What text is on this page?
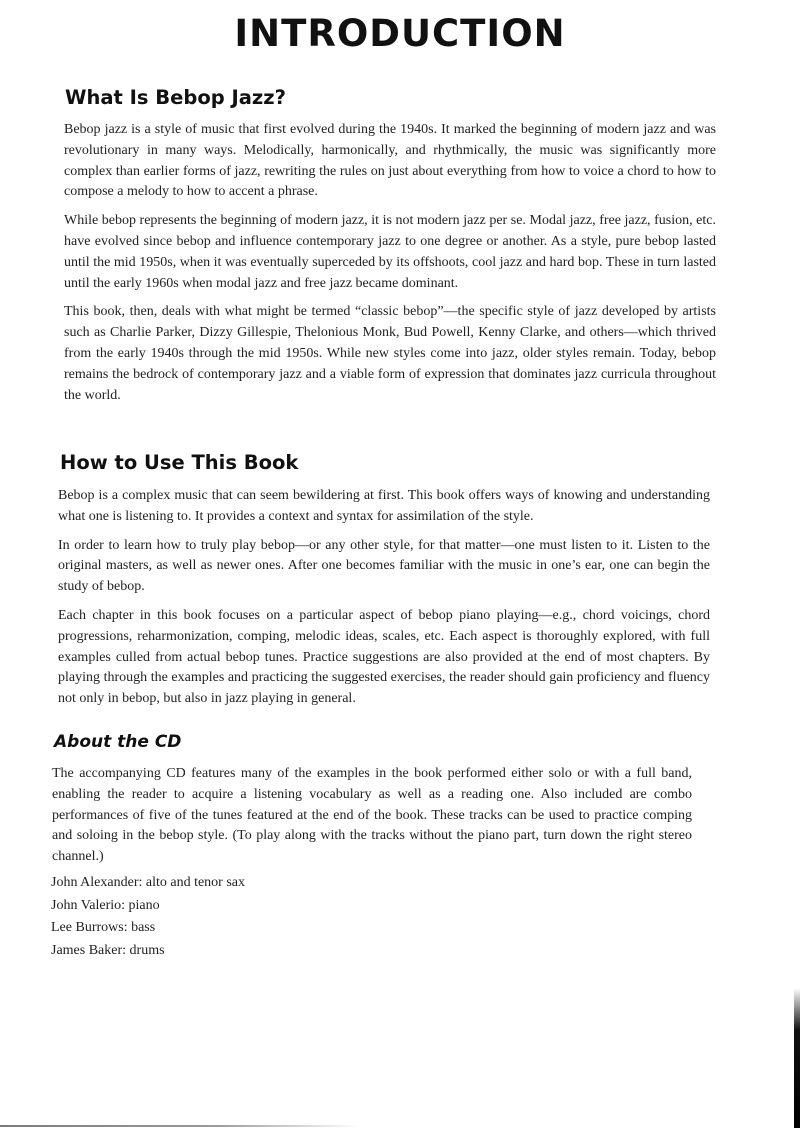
INTRODUCTION
What Is Bebop Jazz?

Bebop jazz is a style of music that first evolved during the 1940s. It marked the beginning of modern jazz and was revolutionary in many ways. Melodically, harmonically, and rhythmically, the music was significantly more complex than earlier forms of jazz, rewriting the rules on just about everything from how to voice a chord to how to compose a melody to how to accent a phrase.

While bebop represents the beginning of modern jazz, it is not modern jazz per se. Modal jazz, free jazz, fusion, etc. have evolved since bebop and influence contemporary jazz to one degree or another. As a style, pure bebop lasted until the mid 1950s, when it was eventually superceded by its offshoots, cool jazz and hard bop. These in turn lasted until the early 1960s when modal jazz and free jazz became dominant.

This book, then, deals with what might be termed “classic bebop”—the specific style of jazz developed by artists such as Charlie Parker, Dizzy Gillespie, Thelonious Monk, Bud Powell, Kenny Clarke, and others—which thrived from the early 1940s through the mid 1950s. While new styles come into jazz, older styles remain. Today, bebop remains the bedrock of contemporary jazz and a viable form of expression that dominates jazz curricula throughout the world.

How to Use This Book

Bebop is a complex music that can seem bewildering at first. This book offers ways of knowing and understanding what one is listening to. It provides a context and syntax for assimilation of the style.

In order to learn how to truly play bebop—or any other style, for that matter—one must listen to it. Listen to the original masters, as well as newer ones. After one becomes familiar with the music in one’s ear, one can begin the study of bebop.

Each chapter in this book focuses on a particular aspect of bebop piano playing—e.g., chord voicings, chord progressions, reharmonization, comping, melodic ideas, scales, etc. Each aspect is thoroughly explored, with full examples culled from actual bebop tunes. Practice suggestions are also provided at the end of most chapters. By playing through the examples and practicing the suggested exercises, the reader should gain proficiency and fluency not only in bebop, but also in jazz playing in general.

About the CD

The accompanying CD features many of the examples in the book performed either solo or with a full band, enabling the reader to acquire a listening vocabulary as well as a reading one. Also included are combo performances of five of the tunes featured at the end of the book. These tracks can be used to practice comping and soloing in the bebop style. (To play along with the tracks without the piano part, turn down the right stereo channel.)

John Alexander: alto and tenor sax
John Valerio: piano
Lee Burrows: bass
James Baker: drums
